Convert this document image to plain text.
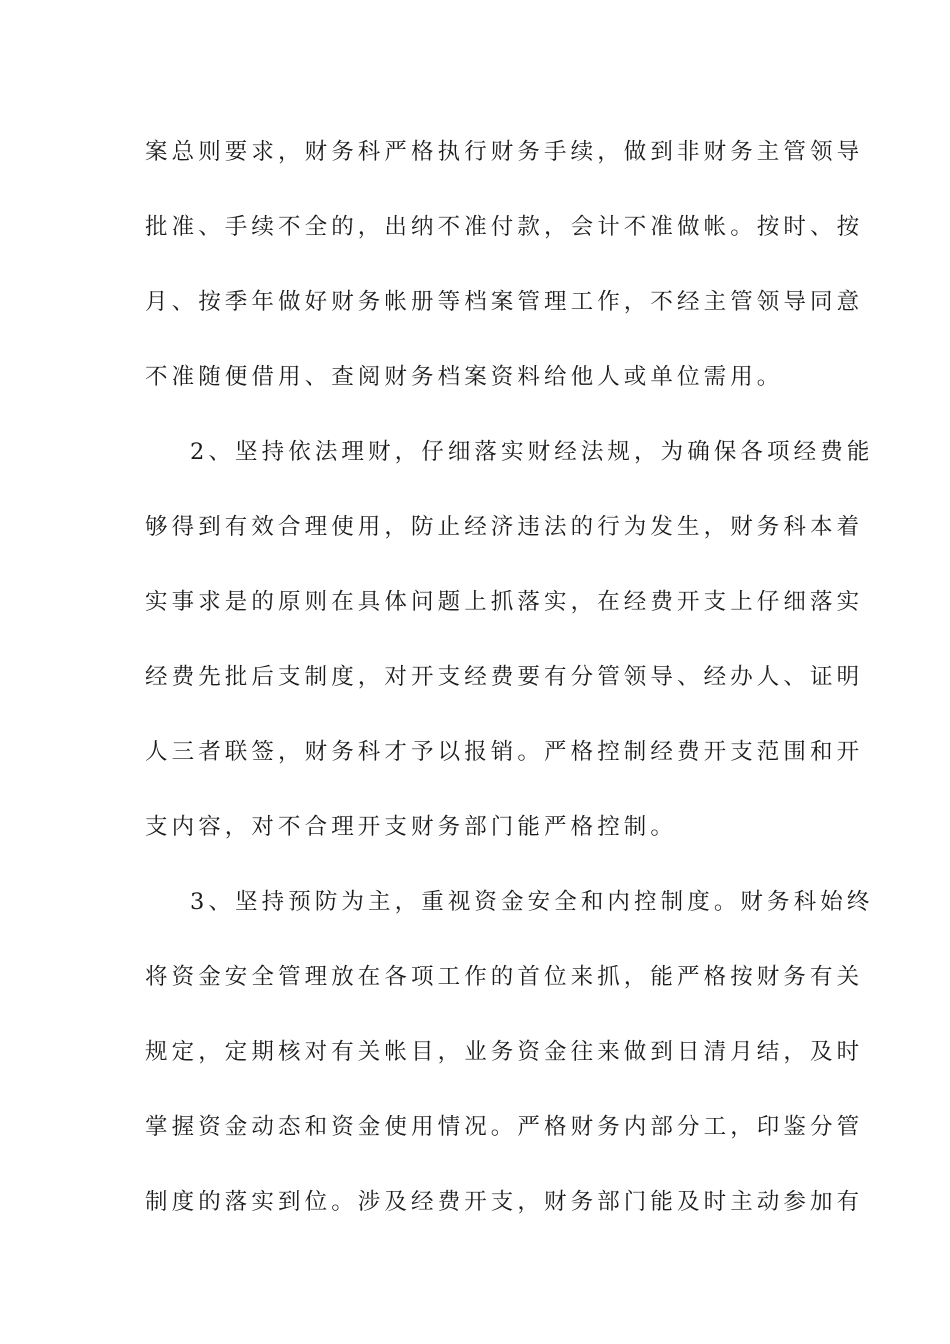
案总则要求，财务科严格执行财务手续，做到非财务主管领导
批准、手续不全的，出纳不准付款，会计不准做帐。按时、按
月、按季年做好财务帐册等档案管理工作，不经主管领导同意
不准随便借用、查阅财务档案资料给他人或单位需用。
2、坚持依法理财，仔细落实财经法规，为确保各项经费能
够得到有效合理使用，防止经济违法的行为发生，财务科本着
实事求是的原则在具体问题上抓落实，在经费开支上仔细落实
经费先批后支制度，对开支经费要有分管领导、经办人、证明
人三者联签，财务科才予以报销。严格控制经费开支范围和开
支内容，对不合理开支财务部门能严格控制。
3、坚持预防为主，重视资金安全和内控制度。财务科始终
将资金安全管理放在各项工作的首位来抓，能严格按财务有关
规定，定期核对有关帐目，业务资金往来做到日清月结，及时
掌握资金动态和资金使用情况。严格财务内部分工，印鉴分管
制度的落实到位。涉及经费开支，财务部门能及时主动参加有
